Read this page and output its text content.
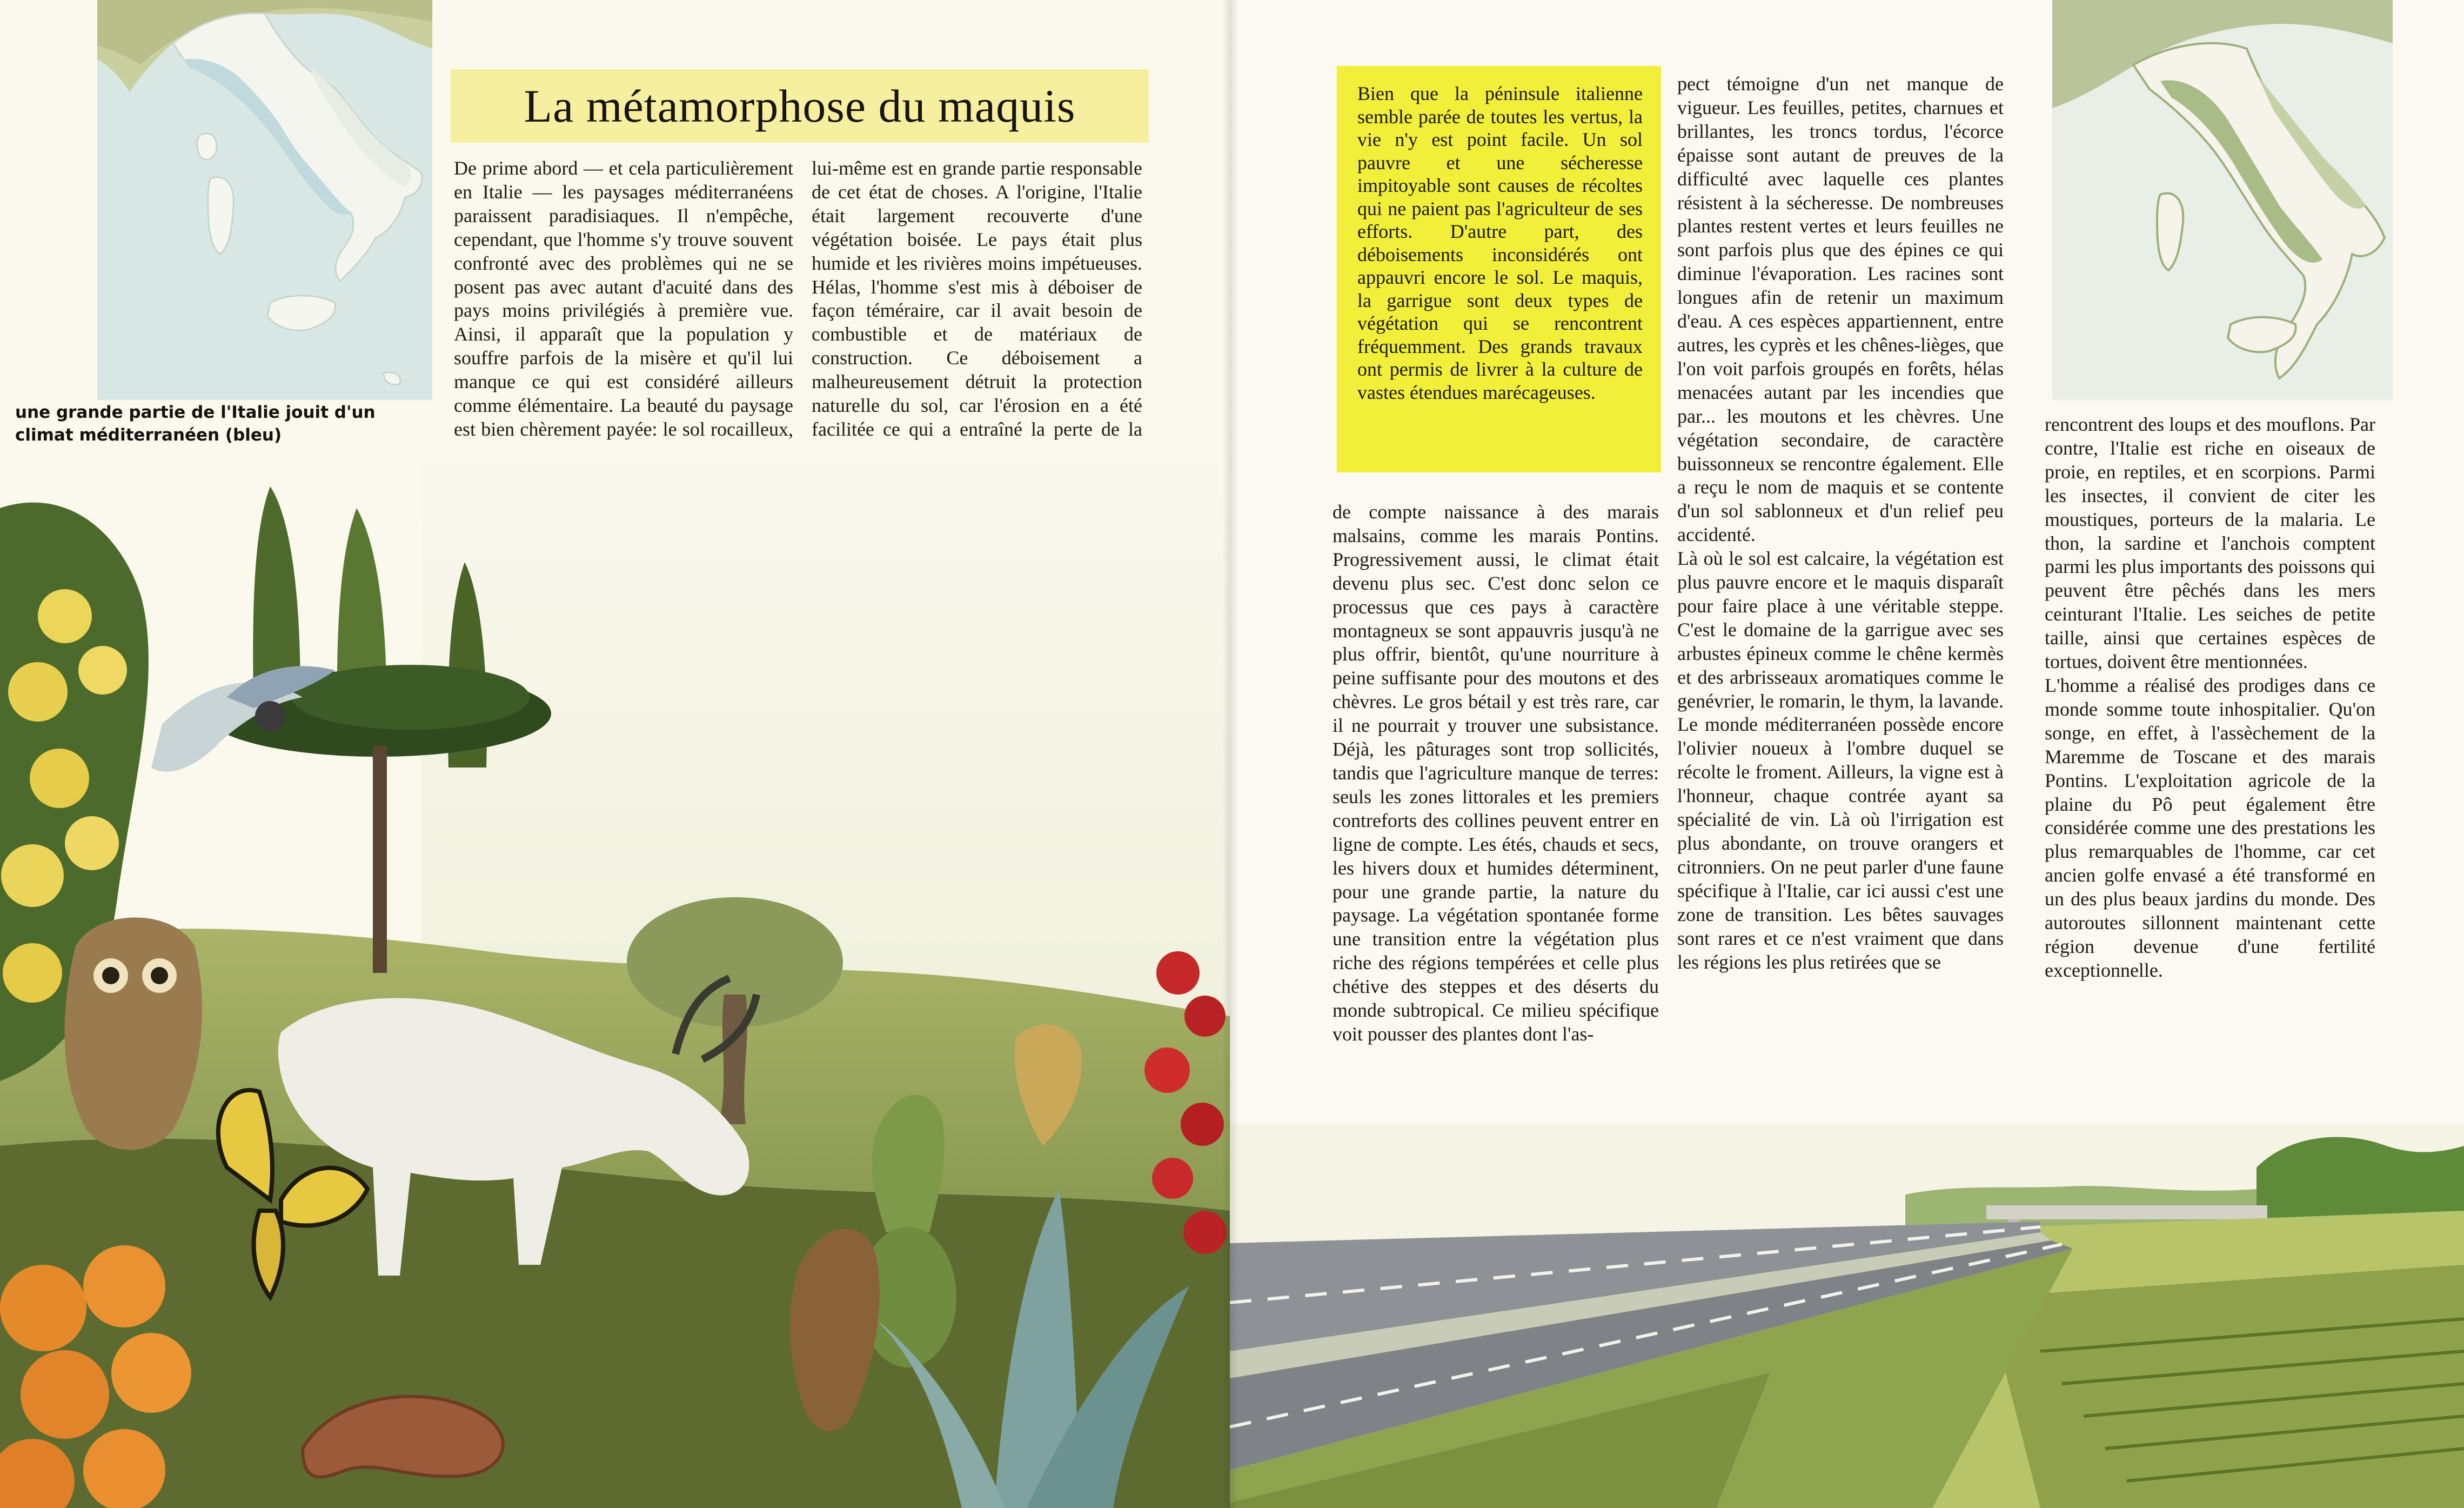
une grande partie de l'Italie jouit d'un climat méditerranéen (bleu)
La métamorphose du maquis

De prime abord — et cela particulièrement en Italie — les paysages méditerranéens paraissent paradisiaques. Il n'empêche, cependant, que l'homme s'y trouve souvent confronté avec des problèmes qui ne se posent pas avec autant d'acuité dans des pays moins privilégiés à première vue. Ainsi, il apparaît que la population y souffre parfois de la misère et qu'il lui manque ce qui est considéré ailleurs comme élémentaire. La beauté du paysage est bien chèrement payée: le sol rocailleux,

lui-même est en grande partie responsable de cet état de choses. A l'origine, l'Italie était largement recouverte d'une végétation boisée. Le pays était plus humide et les rivières moins impétueuses. Hélas, l'homme s'est mis à déboiser de façon téméraire, car il avait besoin de combustible et de matériaux de construction. Ce déboisement a malheureusement détruit la protection naturelle du sol, car l'érosion en a été facilitée ce qui a entraîné la perte de la

Bien que la péninsule italienne semble parée de toutes les vertus, la vie n'y est point facile. Un sol pauvre et une sécheresse impitoyable sont causes de récoltes qui ne paient pas l'agriculteur de ses efforts. D'autre part, des déboisements inconsidérés ont appauvri encore le sol. Le maquis, la garrigue sont deux types de végétation qui se rencontrent fréquemment. Des grands travaux ont permis de livrer à la culture de vastes étendues marécageuses.

de compte naissance à des marais malsains, comme les marais Pontins. Progressivement aussi, le climat était devenu plus sec. C'est donc selon ce processus que ces pays à caractère montagneux se sont appauvris jusqu'à ne plus offrir, bientôt, qu'une nourriture à peine suffisante pour des moutons et des chèvres. Le gros bétail y est très rare, car il ne pourrait y trouver une subsistance. Déjà, les pâturages sont trop sollicités, tandis que l'agriculture manque de terres: seuls les zones littorales et les premiers contreforts des collines peuvent entrer en ligne de compte. Les étés, chauds et secs, les hivers doux et humides déterminent, pour une grande partie, la nature du paysage. La végétation spontanée forme une transition entre la végétation plus riche des régions tempérées et celle plus chétive des steppes et des déserts du monde subtropical. Ce milieu spécifique voit pousser des plantes dont l'as-

pect témoigne d'un net manque de vigueur. Les feuilles, petites, charnues et brillantes, les troncs tordus, l'écorce épaisse sont autant de preuves de la difficulté avec laquelle ces plantes résistent à la sécheresse. De nombreuses plantes restent vertes et leurs feuilles ne sont parfois plus que des épines ce qui diminue l'évaporation. Les racines sont longues afin de retenir un maximum d'eau. A ces espèces appartiennent, entre autres, les cyprès et les chênes-lièges, que l'on voit parfois groupés en forêts, hélas menacées autant par les incendies que par... les moutons et les chèvres. Une végétation secondaire, de caractère buissonneux se rencontre également. Elle a reçu le nom de maquis et se contente d'un sol sablonneux et d'un relief peu accidenté.

Là où le sol est calcaire, la végétation est plus pauvre encore et le maquis disparaît pour faire place à une véritable steppe. C'est le domaine de la garrigue avec ses arbustes épineux comme le chêne kermès et des arbrisseaux aromatiques comme le genévrier, le romarin, le thym, la lavande. Le monde méditerranéen possède encore l'olivier noueux à l'ombre duquel se récolte le froment. Ailleurs, la vigne est à l'honneur, chaque contrée ayant sa spécialité de vin. Là où l'irrigation est plus abondante, on trouve orangers et citronniers. On ne peut parler d'une faune spécifique à l'Italie, car ici aussi c'est une zone de transition. Les bêtes sauvages sont rares et ce n'est vraiment que dans les régions les plus retirées que se

rencontrent des loups et des mouflons. Par contre, l'Italie est riche en oiseaux de proie, en reptiles, et en scorpions. Parmi les insectes, il convient de citer les moustiques, porteurs de la malaria. Le thon, la sardine et l'anchois comptent parmi les plus importants des poissons qui peuvent être pêchés dans les mers ceinturant l'Italie. Les seiches de petite taille, ainsi que certaines espèces de tortues, doivent être mentionnées.

L'homme a réalisé des prodiges dans ce monde somme toute inhospitalier. Qu'on songe, en effet, à l'assèchement de la Maremme de Toscane et des marais Pontins. L'exploitation agricole de la plaine du Pô peut également être considérée comme une des prestations les plus remarquables de l'homme, car cet ancien golfe envasé a été transformé en un des plus beaux jardins du monde. Des autoroutes sillonnent maintenant cette région devenue d'une fertilité exceptionnelle.
